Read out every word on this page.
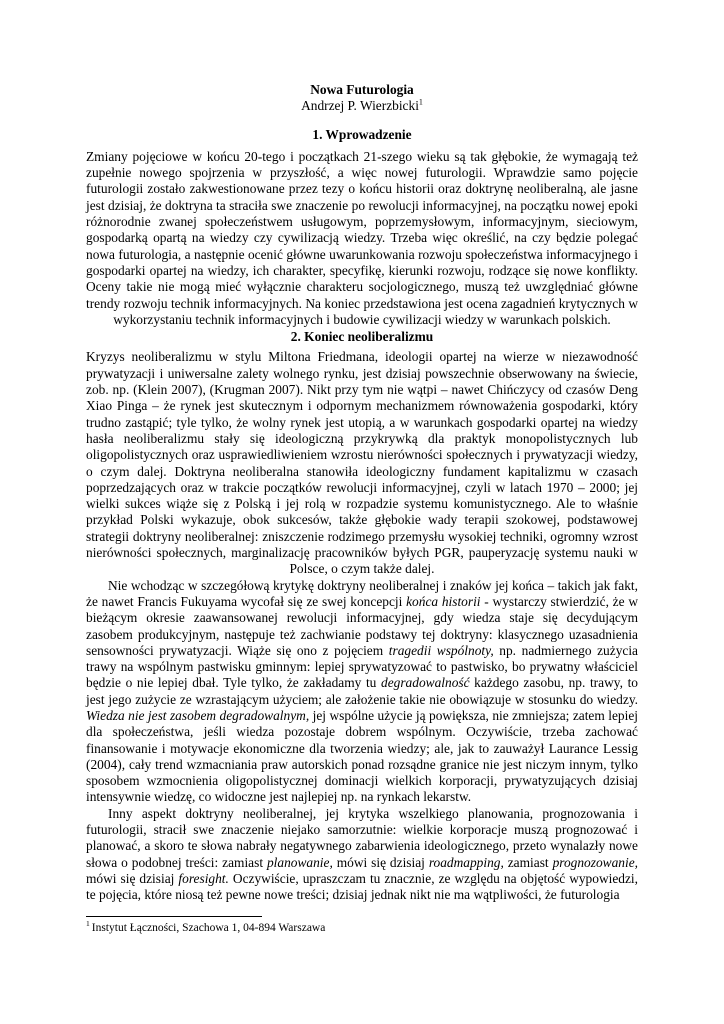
Nowa Futurologia

Andrzej P. Wierzbicki$^1$

1. Wprowadzenie

Zmiany pojęciowe w końcu 20-tego i początkach 21-szego wieku są tak głębokie, że wymagają też zupełnie nowego spojrzenia w przyszłość, a więc nowej futurologii. Wprawdzie samo pojęcie futurologii zostało zakwestionowane przez tezy o końcu historii oraz doktrynę neoliberalną, ale jasne jest dzisiaj, że doktryna ta straciła swe znaczenie po rewolucji informacyjnej, na początku nowej epoki różnorodnie zwanej społeczeństwem usługowym, poprzemysłowym, informacyjnym, sieciowym, gospodarką opartą na wiedzy czy cywilizacją wiedzy. Trzeba więc określić, na czy będzie polegać nowa futurologia, a następnie ocenić główne uwarunkowania rozwoju społeczeństwa informacyjnego i gospodarki opartej na wiedzy, ich charakter, specyfikę, kierunki rozwoju, rodzące się nowe konflikty. Oceny takie nie mogą mieć wyłącznie charakteru socjologicznego, muszą też uwzględniać główne trendy rozwoju technik informacyjnych. Na koniec przedstawiona jest ocena zagadnień krytycznych w wykorzystaniu technik informacyjnych i budowie cywilizacji wiedzy w warunkach polskich.

2. Koniec neoliberalizmu

Kryzys neoliberalizmu w stylu Miltona Friedmana, ideologii opartej na wierze w niezawodność prywatyzacji i uniwersalne zalety wolnego rynku, jest dzisiaj powszechnie obserwowany na świecie, zob. np. (Klein 2007), (Krugman 2007). Nikt przy tym nie wątpi – nawet Chińczycy od czasów Deng Xiao Pinga – że rynek jest skutecznym i odpornym mechanizmem równoważenia gospodarki, który trudno zastąpić; tyle tylko, że wolny rynek jest utopią, a w warunkach gospodarki opartej na wiedzy hasła neoliberalizmu stały się ideologiczną przykrywką dla praktyk monopolistycznych lub oligopolistycznych oraz usprawiedliwieniem wzrostu nierówności społecznych i prywatyzacji wiedzy, o czym dalej. Doktryna neoliberalna stanowiła ideologiczny fundament kapitalizmu w czasach poprzedzających oraz w trakcie początków rewolucji informacyjnej, czyli w latach 1970 – 2000; jej wielki sukces wiąże się z Polską i jej rolą w rozpadzie systemu komunistycznego. Ale to właśnie przykład Polski wykazuje, obok sukcesów, także głębokie wady terapii szokowej, podstawowej strategii doktryny neoliberalnej: zniszczenie rodzimego przemysłu wysokiej techniki, ogromny wzrost nierówności społecznych, marginalizację pracowników byłych PGR, pauperyzację systemu nauki w Polsce, o czym także dalej.

Nie wchodząc w szczegółową krytykę doktryny neoliberalnej i znaków jej końca – takich jak fakt, że nawet Francis Fukuyama wycofał się ze swej koncepcji końca historii - wystarczy stwierdzić, że w bieżącym okresie zaawansowanej rewolucji informacyjnej, gdy wiedza staje się decydującym zasobem produkcyjnym, następuje też zachwianie podstawy tej doktryny: klasycznego uzasadnienia sensowności prywatyzacji. Wiąże się ono z pojęciem tragedii wspólnoty, np. nadmiernego zużycia trawy na wspólnym pastwisku gminnym: lepiej sprywatyzować to pastwisko, bo prywatny właściciel będzie o nie lepiej dbał. Tyle tylko, że zakładamy tu degradowalność każdego zasobu, np. trawy, to jest jego zużycie ze wzrastającym użyciem; ale założenie takie nie obowiązuje w stosunku do wiedzy. Wiedza nie jest zasobem degradowalnym, jej wspólne użycie ją powiększa, nie zmniejsza; zatem lepiej dla społeczeństwa, jeśli wiedza pozostaje dobrem wspólnym. Oczywiście, trzeba zachować finansowanie i motywacje ekonomiczne dla tworzenia wiedzy; ale, jak to zauważył Laurance Lessig (2004), cały trend wzmacniania praw autorskich ponad rozsądne granice nie jest niczym innym, tylko sposobem wzmocnienia oligopolistycznej dominacji wielkich korporacji, prywatyzujących dzisiaj intensywnie wiedzę, co widoczne jest najlepiej np. na rynkach lekarstw.

Inny aspekt doktryny neoliberalnej, jej krytyka wszelkiego planowania, prognozowania i futurologii, stracił swe znaczenie niejako samorzutnie: wielkie korporacje muszą prognozować i planować, a skoro te słowa nabrały negatywnego zabarwienia ideologicznego, przeto wynalazły nowe słowa o podobnej treści: zamiast planowanie, mówi się dzisiaj roadmapping, zamiast prognozowanie, mówi się dzisiaj foresight. Oczywiście, upraszczam tu znacznie, ze względu na objętość wypowiedzi, te pojęcia, które niosą też pewne nowe treści; dzisiaj jednak nikt nie ma wątpliwości, że futurologia

$^1$ Instytut Łączności, Szachowa 1, 04-894 Warszawa
